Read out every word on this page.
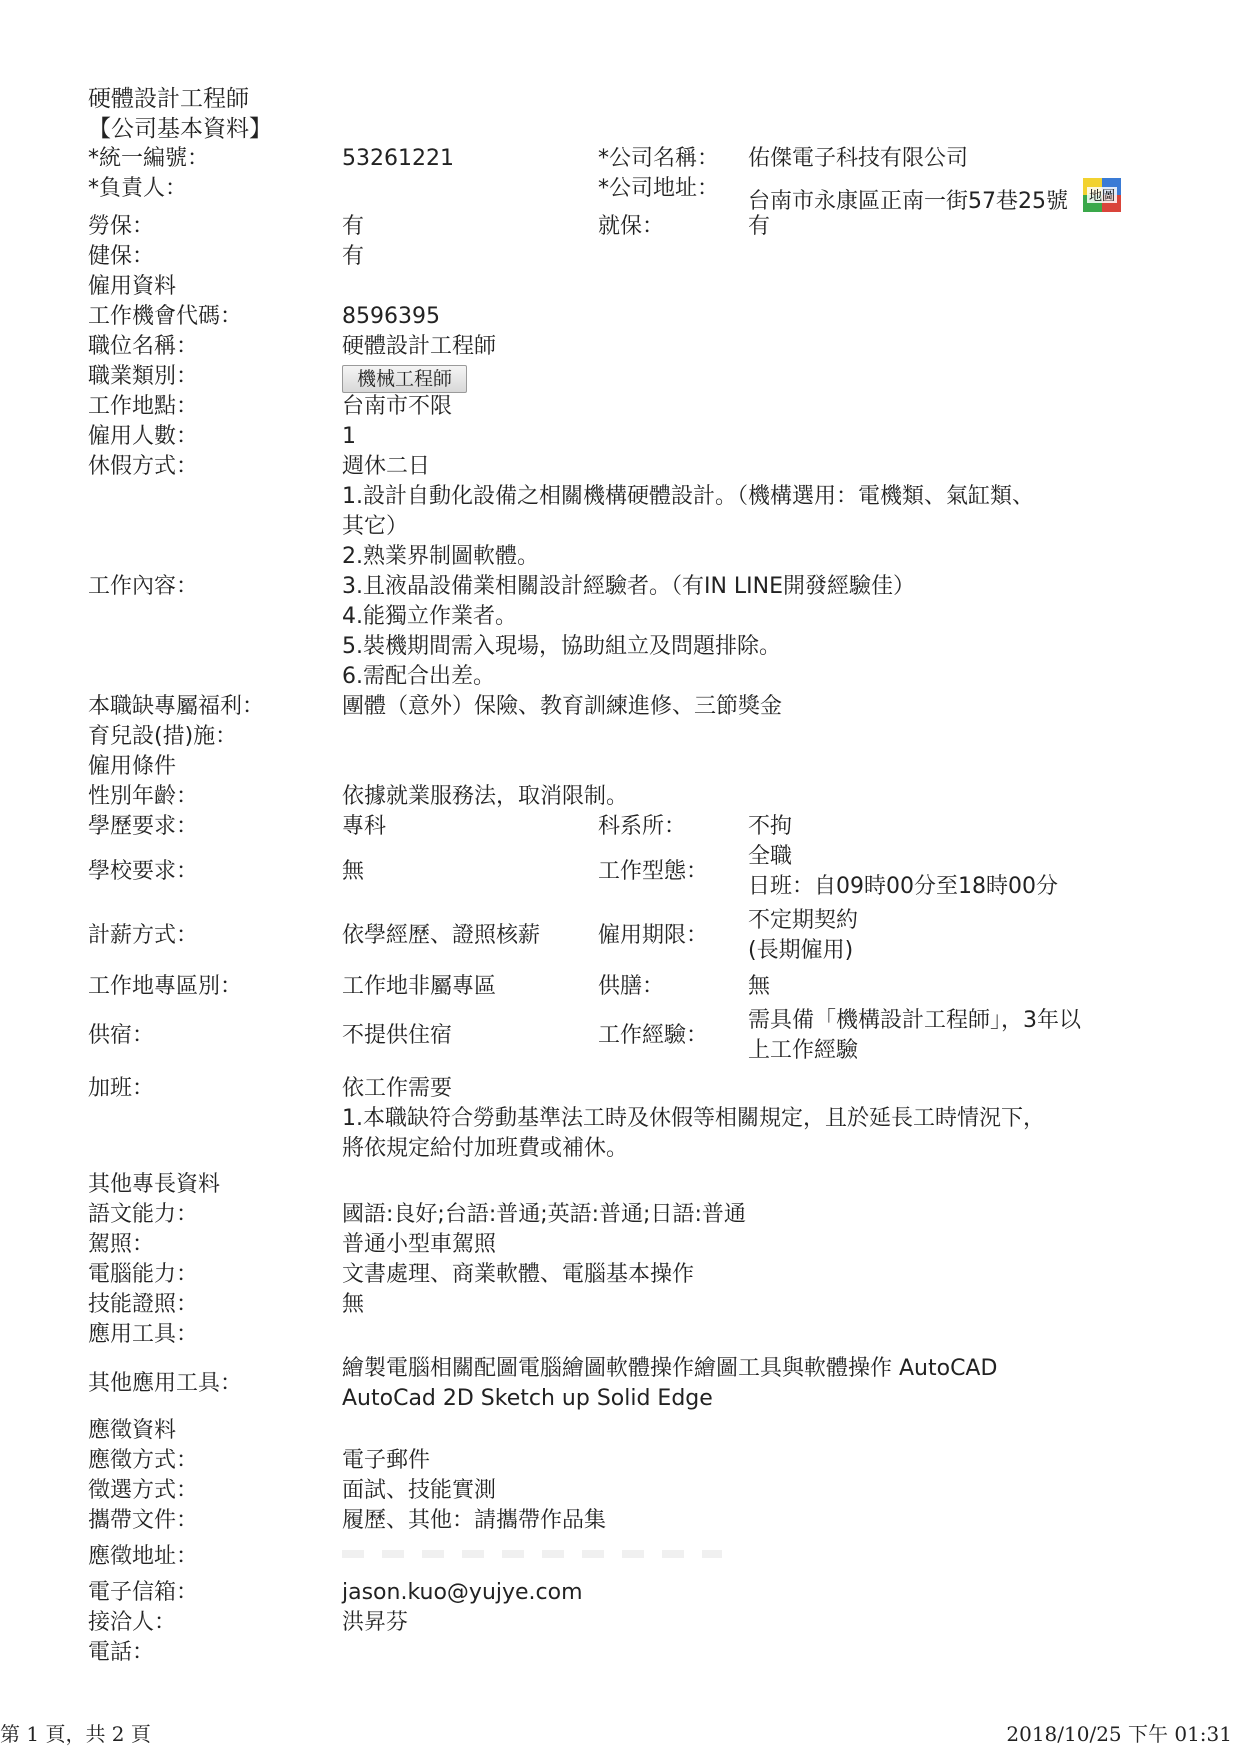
硬體設計工程師
【公司基本資料】
*統一編號：	53261221	*公司名稱： 佑傑電子科技有限公司
*負責人：	*公司地址：
台南市永康區正南一街57巷25號 地圖
勞保：	有	就保：	有
健保：	有
僱用資料
工作機會代碼：	8596395
職位名稱：	硬體設計工程師
職業類別：	機械工程師
工作地點：	台南市不限
僱用人數：	1
休假方式：	週休二日
工作內容：
1.設計自動化設備之相關機構硬體設計。（機構選用：電機類、氣缸類、
其它）
2.熟業界制圖軟體。
3.且液晶設備業相關設計經驗者。（有IN LINE開發經驗佳）
4.能獨立作業者。
5.裝機期間需入現場，協助組立及問題排除。
6.需配合出差。
本職缺專屬福利：	團體（意外）保險、教育訓練進修、三節獎金
育兒設(措)施：
僱用條件
性別年齡：	依據就業服務法，取消限制。
學歷要求：	專科	科系所：	不拘
學校要求：	無	工作型態：
全職
日班：自09時00分至18時00分
計薪方式：	依學經歷、證照核薪	僱用期限：
不定期契約
(長期僱用)
工作地專區別：	工作地非屬專區	供膳：	無
供宿：	不提供住宿	工作經驗：
需具備「機構設計工程師」，3年以
上工作經驗
加班：	依工作需要
1.本職缺符合勞動基準法工時及休假等相關規定，且於延長工時情況下，
將依規定給付加班費或補休。
其他專長資料
語文能力：	國語:良好;台語:普通;英語:普通;日語:普通
駕照：	普通小型車駕照
電腦能力：	文書處理、商業軟體、電腦基本操作
技能證照：	無
應用工具：
其他應用工具：
繪製電腦相關配圖電腦繪圖軟體操作繪圖工具與軟體操作 AutoCAD
AutoCad 2D Sketch up Solid Edge
應徵資料
應徵方式：	電子郵件
徵選方式：	面試、技能實測
攜帶文件：	履歷、其他：請攜帶作品集
應徵地址：
電子信箱：	jason.kuo@yujye.com
接洽人：	洪昇芬
電話：
第 1 頁，共 2 頁	2018/10/25 下午 01:31
